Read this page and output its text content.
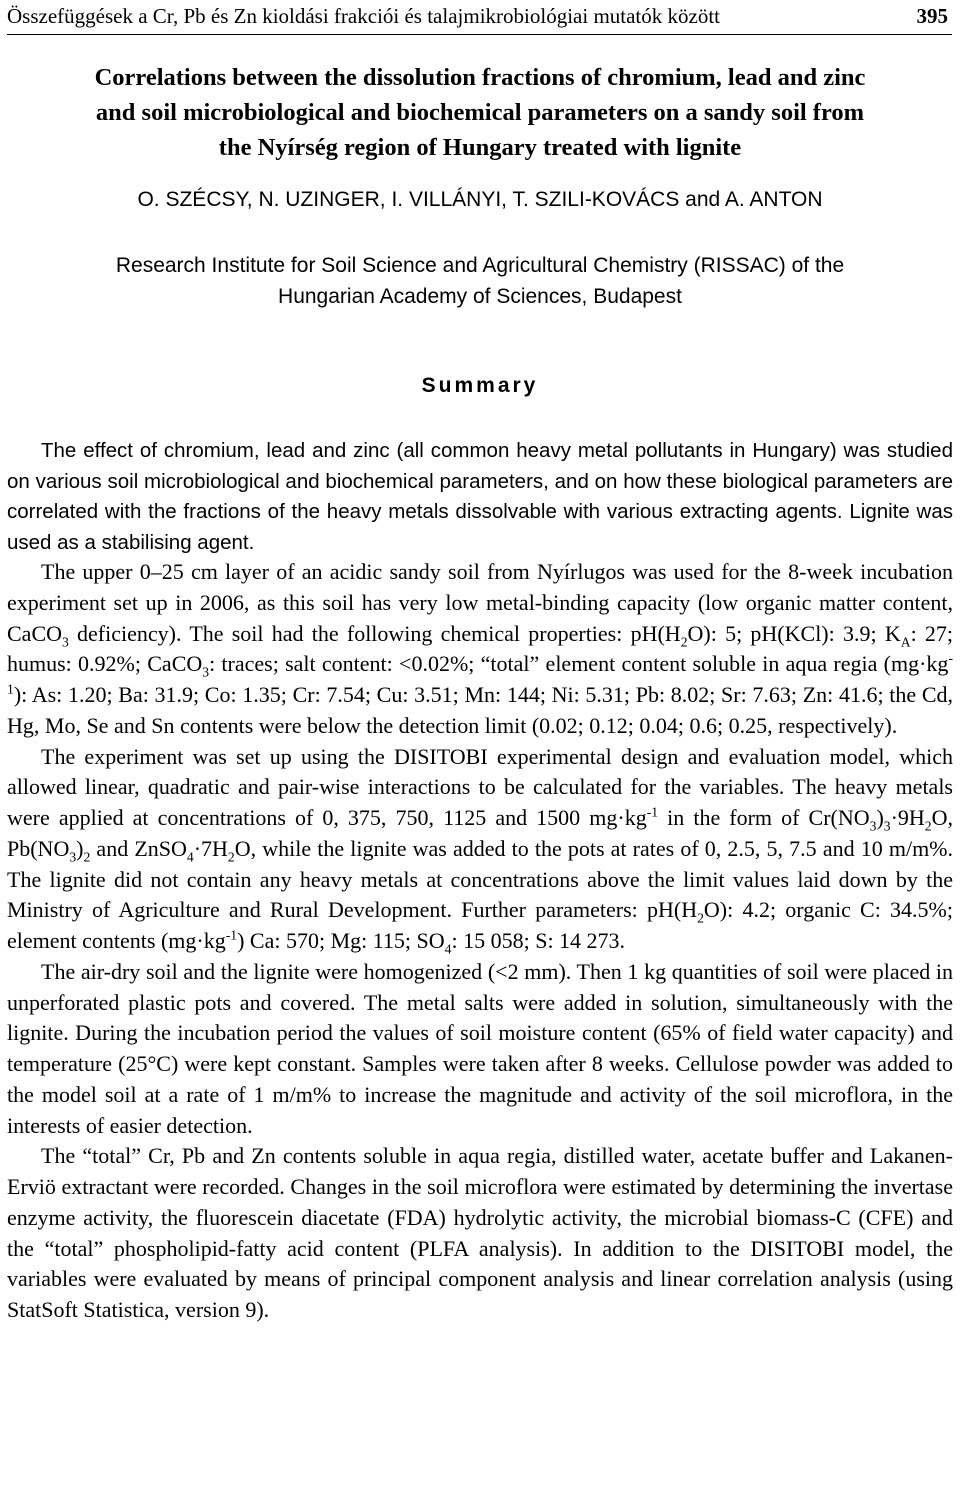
Összefüggések a Cr, Pb és Zn kioldási frakciói és talajmikrobiológiai mutatók között	395
Correlations between the dissolution fractions of chromium, lead and zinc
and soil microbiological and biochemical parameters on a sandy soil from
the Nyírség region of Hungary treated with lignite
O. SZÉCSY, N. UZINGER, I. VILLÁNYI, T. SZILI-KOVÁCS and A. ANTON
Research Institute for Soil Science and Agricultural Chemistry (RISSAC) of the
Hungarian Academy of Sciences, Budapest
Summary

The effect of chromium, lead and zinc (all common heavy metal pollutants in Hungary) was studied on various soil microbiological and biochemical parameters, and on how these biological parameters are correlated with the fractions of the heavy metals dissolvable with various extracting agents. Lignite was used as a stabilising agent.

The upper 0–25 cm layer of an acidic sandy soil from Nyírlugos was used for the 8-week incubation experiment set up in 2006, as this soil has very low metal-binding capacity (low organic matter content, CaCO$_3$ deficiency). The soil had the following chemical properties: $pH(H_2O)$: 5; pH(KCl): 3.9; $K_A$: 27; humus: 0.92%; CaCO$_3$: traces; salt content: <0.02%; “total” element content soluble in aqua regia $(mg\cdot kg^{-1})$: As: 1.20; Ba: 31.9; Co: 1.35; Cr: 7.54; Cu: 3.51; Mn: 144; Ni: 5.31; Pb: 8.02; Sr: 7.63; Zn: 41.6; the Cd, Hg, Mo, Se and Sn contents were below the detection limit (0.02; 0.12; 0.04; 0.6; 0.25, respectively).

The experiment was set up using the DISITOBI experimental design and evaluation model, which allowed linear, quadratic and pair-wise interactions to be calculated for the variables. The heavy metals were applied at concentrations of 0, 375, 750, 1125 and 1500 $mg\cdot kg^{-1}$ in the form of $Cr(NO_3)_3\cdot 9H_2O$, $Pb(NO_3)_2$ and $ZnSO_4\cdot 7H_2O$, while the lignite was added to the pots at rates of 0, 2.5, 5, 7.5 and 10 m/m%. The lignite did not contain any heavy metals at concentrations above the limit values laid down by the Ministry of Agriculture and Rural Development. Further parameters: $pH(H_2O)$: 4.2; organic C: 34.5%; element contents $(mg\cdot kg^{-1})$ Ca: 570; Mg: 115; $SO_4$: 15 058; S: 14 273.

The air-dry soil and the lignite were homogenized (<2 mm). Then 1 kg quantities of soil were placed in unperforated plastic pots and covered. The metal salts were added in solution, simultaneously with the lignite. During the incubation period the values of soil moisture content (65% of field water capacity) and temperature (25°C) were kept constant. Samples were taken after 8 weeks. Cellulose powder was added to the model soil at a rate of 1 m/m% to increase the magnitude and activity of the soil microflora, in the interests of easier detection.

The “total” Cr, Pb and Zn contents soluble in aqua regia, distilled water, acetate buffer and Lakanen-Erviö extractant were recorded. Changes in the soil microflora were estimated by determining the invertase enzyme activity, the fluorescein diacetate (FDA) hydrolytic activity, the microbial biomass-C (CFE) and the “total” phospholipid-fatty acid content (PLFA analysis). In addition to the DISITOBI model, the variables were evaluated by means of principal component analysis and linear correlation analysis (using StatSoft Statistica, version 9).
